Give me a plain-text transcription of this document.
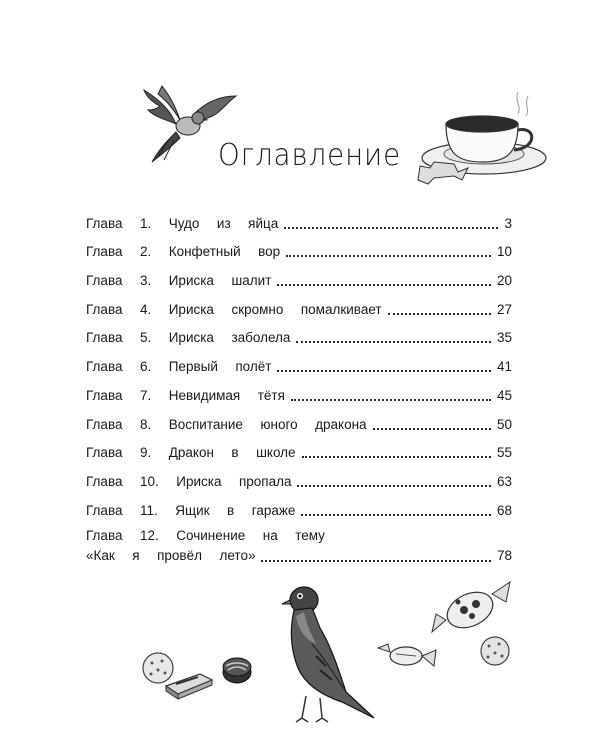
Оглавление
Глава  1.  Чудо  из  яйца	3
Глава  2.  Конфетный  вор	10
Глава  3.  Ириска  шалит	20
Глава  4.  Ириска  скромно  помалкивает	27
Глава  5.  Ириска  заболела	35
Глава  6.  Первый  полёт	41
Глава  7.  Невидимая  тётя	45
Глава  8.  Воспитание  юного  дракона	50
Глава  9.  Дракон  в  школе	55
Глава  10.  Ириска  пропала	63
Глава  11.  Ящик  в  гараже	68
Глава  12.  Сочинение  на  тему
«Как  я  провёл  лето»	78
